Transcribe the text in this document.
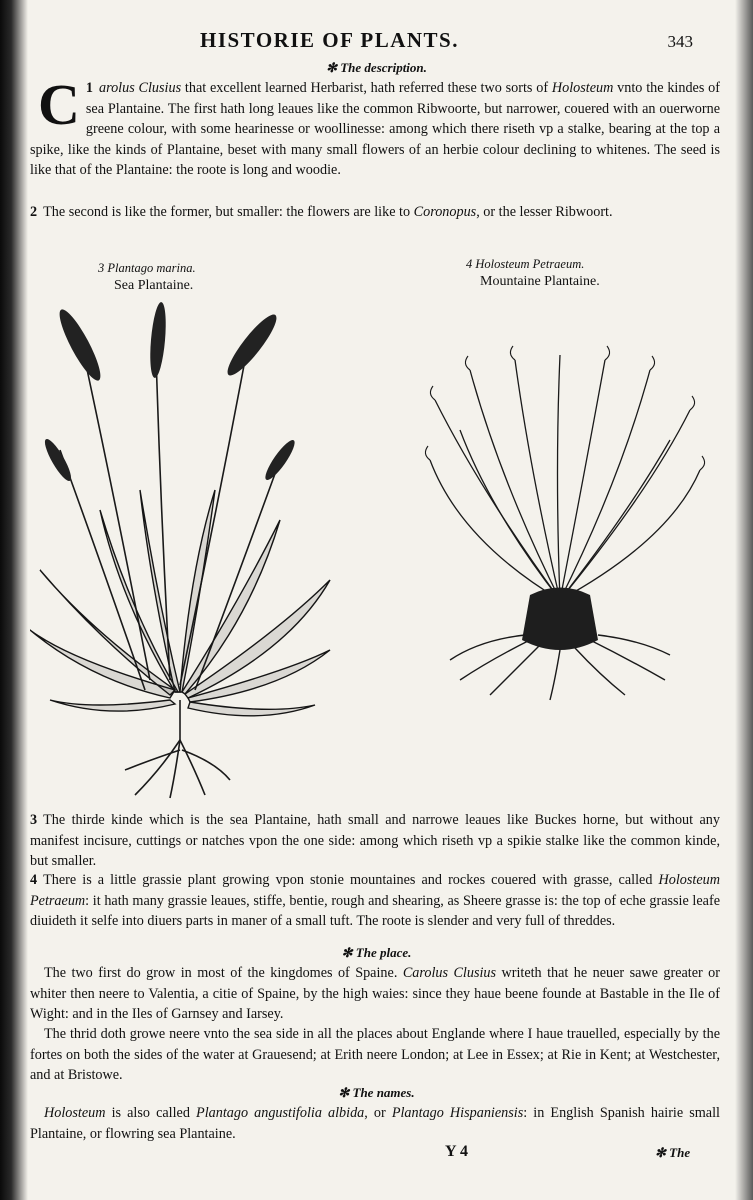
HISTORIE OF PLANTS.	343
✻ The description.
1
C arolus Clusius that excellent learned Herbarist, hath referred these two sorts of Holosteum vnto the kindes of sea Plantaine. The first hath long leaues like the common Ribwoorte, but narrower, couered with an ouerworne greene colour, with some hearinesse or woollinesse: among which there riseth vp a stalke, bearing at the top a spike, like the kinds of Plantaine, beset with many small flowers of an herbie colour declining to whitenes. The seed is like that of the Plantaine: the roote is long and woodie.
2 The second is like the former, but smaller: the flowers are like to Coronopus, or the lesser Ribwoort.
3 Plantago marina.
Sea Plantaine.
4 Holosteum Petraeum.
Mountaine Plantaine.
3 The thirde kinde which is the sea Plantaine, hath small and narrowe leaues like Buckes horne, but without any manifest incisure, cuttings or natches vpon the one side: among which riseth vp a spikie stalke like the common kinde, but smaller.
4 There is a little grassie plant growing vpon stonie mountaines and rockes couered with grasse, called Holosteum Petraeum: it hath many grassie leaues, stiffe, bentie, rough and shearing, as Sheere grasse is: the top of eche grassie leafe diuideth it selfe into diuers parts in maner of a small tuft. The roote is slender and very full of threddes.
✻ The place.
The two first do grow in most of the kingdomes of Spaine. Carolus Clusius writeth that he neuer sawe greater or whiter then neere to Valentia, a citie of Spaine, by the high waies: since they haue beene founde at Bastable in the Ile of Wight: and in the Iles of Garnsey and Iarsey.
The thrid doth growe neere vnto the sea side in all the places about Englande where I haue trauelled, especially by the fortes on both the sides of the water at Grauesend; at Erith neere London; at Lee in Essex; at Rie in Kent; at Westchester, and at Bristowe.
✻ The names.
Holosteum is also called Plantago angustifolia albida, or Plantago Hispaniensis: in English Spanish hairie small Plantaine, or flowring sea Plantaine.
Y 4	✻ The
